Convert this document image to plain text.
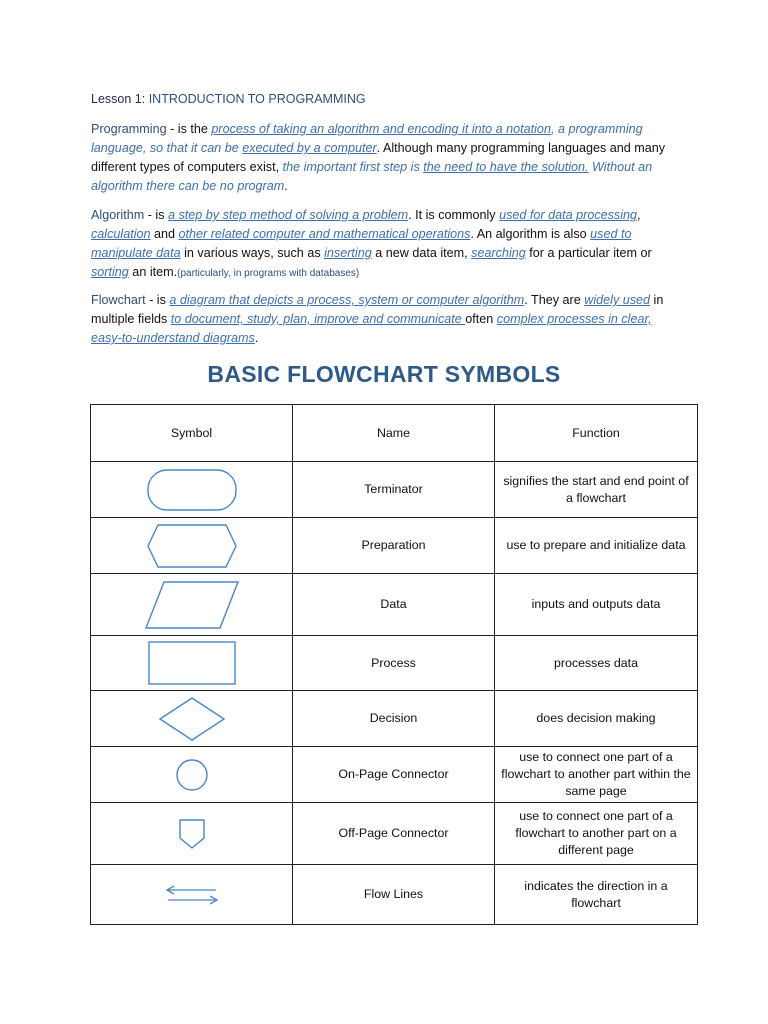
Lesson 1: INTRODUCTION TO PROGRAMMING
Programming - is the process of taking an algorithm and encoding it into a notation, a programming language, so that it can be executed by a computer. Although many programming languages and many different types of computers exist, the important first step is the need to have the solution. Without an algorithm there can be no program.
Algorithm - is a step by step method of solving a problem. It is commonly used for data processing, calculation and other related computer and mathematical operations. An algorithm is also used to manipulate data in various ways, such as inserting a new data item, searching for a particular item or sorting an item.(particularly, in programs with databases)
Flowchart - is a diagram that depicts a process, system or computer algorithm. They are widely used in multiple fields to document, study, plan, improve and communicate often complex processes in clear, easy-to-understand diagrams.
BASIC FLOWCHART SYMBOLS
Symbol	Name	Function

	Terminator	signifies the start and end point of a flowchart

	Preparation	use to prepare and initialize data

	Data	inputs and outputs data

	Process	processes data

	Decision	does decision making

	On-Page Connector	use to connect one part of a flowchart to another part within the same page

	Off-Page Connector	use to connect one part of a flowchart to another part on a different page

	Flow Lines	indicates the direction in a flowchart
